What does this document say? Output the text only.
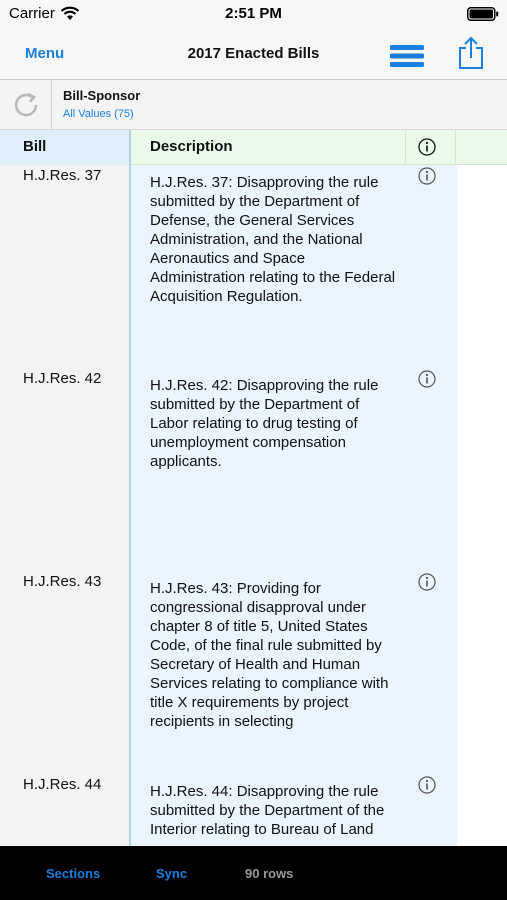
Carrier	2:51 PM
Menu	2017 Enacted Bills
Bill-Sponsor
All Values (75)
Bill	Description
H.J.Res. 37	H.J.Res. 37: Disapproving the rule submitted by the Department of Defense, the General Services Administration, and the National Aeronautics and Space Administration relating to the Federal Acquisition Regulation.
H.J.Res. 42	H.J.Res. 42: Disapproving the rule submitted by the Department of Labor relating to drug testing of unemployment compensation applicants.
H.J.Res. 43	H.J.Res. 43: Providing for congressional disapproval under chapter 8 of title 5, United States Code, of the final rule submitted by Secretary of Health and Human Services relating to compliance with title X requirements by project recipients in selecting
H.J.Res. 44	H.J.Res. 44: Disapproving the rule submitted by the Department of the Interior relating to Bureau of Land
Sections	Sync	90 rows
